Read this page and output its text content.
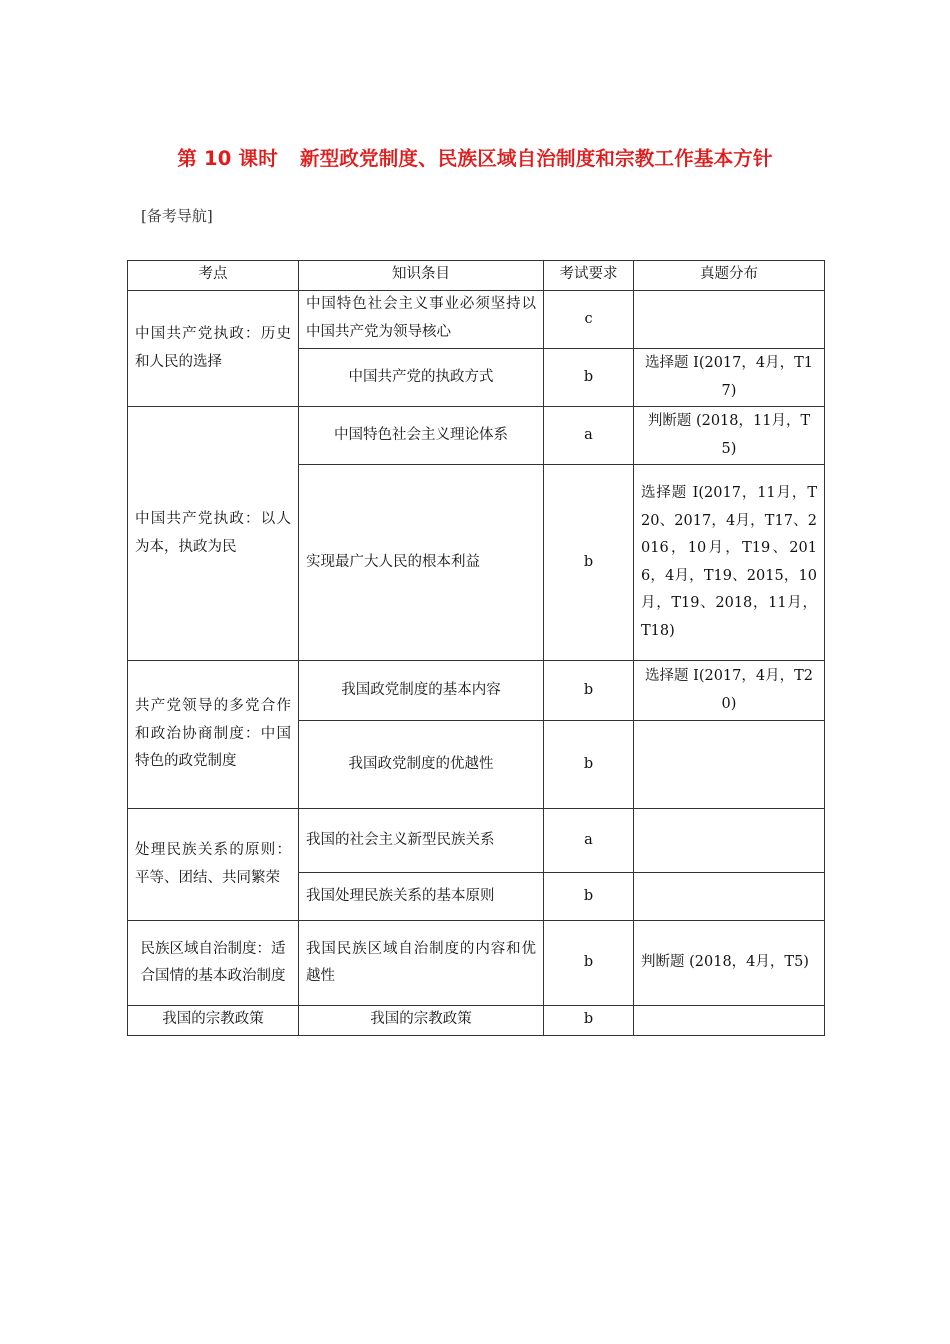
第 10 课时 新型政党制度、民族区域自治制度和宗教工作基本方针
[备考导航]
考点	知识条目	考试要求	真题分布
中国共产党执政：历史和人民的选择	中国特色社会主义事业必须坚持以中国共产党为领导核心	c	
	中国共产党的执政方式	b	选择题 I(2017，4月，T17)
中国共产党执政：以人为本，执政为民	中国特色社会主义理论体系	a	判断题 (2018，11月，T5)
	实现最广大人民的根本利益	b	选择题 I(2017，11月，T20、2017，4月，T17、2016，10月，T19、2016，4月，T19、2015，10月，T19、2018，11月，T18)
共产党领导的多党合作和政治协商制度：中国特色的政党制度	我国政党制度的基本内容	b	选择题 I(2017，4月，T20)
	我国政党制度的优越性	b	
处理民族关系的原则：平等、团结、共同繁荣	我国的社会主义新型民族关系	a	
	我国处理民族关系的基本原则	b	
民族区域自治制度：适合国情的基本政治制度	我国民族区域自治制度的内容和优越性	b	判断题 (2018，4月，T5)
我国的宗教政策	我国的宗教政策	b	
